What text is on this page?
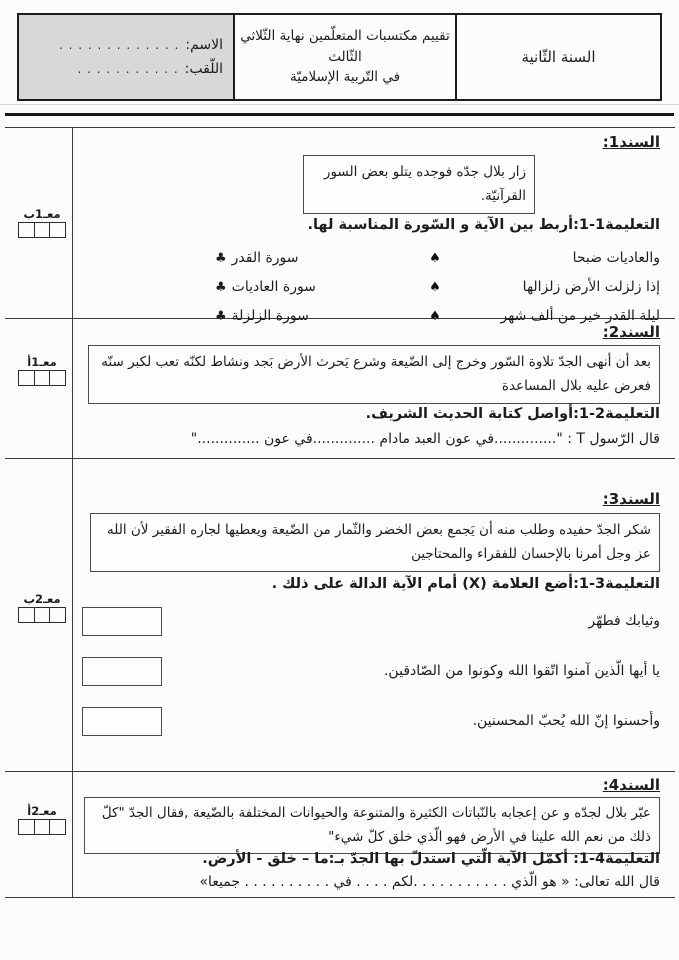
السنة الثّانية
تقييم مكتسبات المتعلّمين نهاية الثّلاثي
الثّالث
في التّربية الإسلاميّة
الاسم:
. . . . . . . . . . . . .
اللّقب:
. . . . . . . . . . .
معـ1ب
معـ1أ
معـ2ب
معـ2أ
السند1:
زار بلال جدّه فوجده يتلو بعض السور القرآنيّة.
التعليمة1-1:أربط بين الآية و السّورة المناسبة لها.
والعاديات ضبحا
إذا زلزلت الأرض زلزالها
ليلة القدر خير من ألف شهر
♠
♠
♠
♣ سورة القدر
♣ سورة العاديات
♣ سورة الزلزلة
السند2:
بعد أن أنهى الجدّ تلاوة السّور وخرج إلى الضّيعة وشرع يَحرث الأرض بَجد ونشاط لكنّه تعب لكبر سنّه فعرض عليه بلال المساعدة
التعليمة2-1:أواصل كتابة الحديث الشريف.
قال الرّسول T : "..............في عون العبد مادام ..............في عون .............."
السند3:
شكر الجدّ حفيده وطلب منه أن يَجمع بعض الخضر والثّمار من الضّيعة ويعطيها لجاره الفقير لأن الله عز وجل أمرنا بالإحسان للفقراء والمحتاجين
التعليمة3-1:أضع العلامة (X) أمام الآية الدالة على ذلك .
وثيابك فطهّر
يا أيها الّذين آمنوا اتّقوا الله وكونوا من الصّادقين.
وأحسنوا إنّ الله يُحبّ المحسنين.
السند4:
عبّر بلال لجدّه و عن إعجابه بالنّباتات الكثيرة والمتنوعة والحيوانات المختلفة بالضّيعة ,فقال الجدّ "كلّ ذلك من نعم الله علينا في الأرض فهو الّذي خلق كلّ شيء"
التعليمة4-1: أكمّل الآية الّتي استدلّ بها الجدّ بـ:ما – خلق - الأرض.
قال الله تعالى: « هو الّذي . . . . . . . . . . .لكم . . . . في . . . . . . . . . . جميعا»
